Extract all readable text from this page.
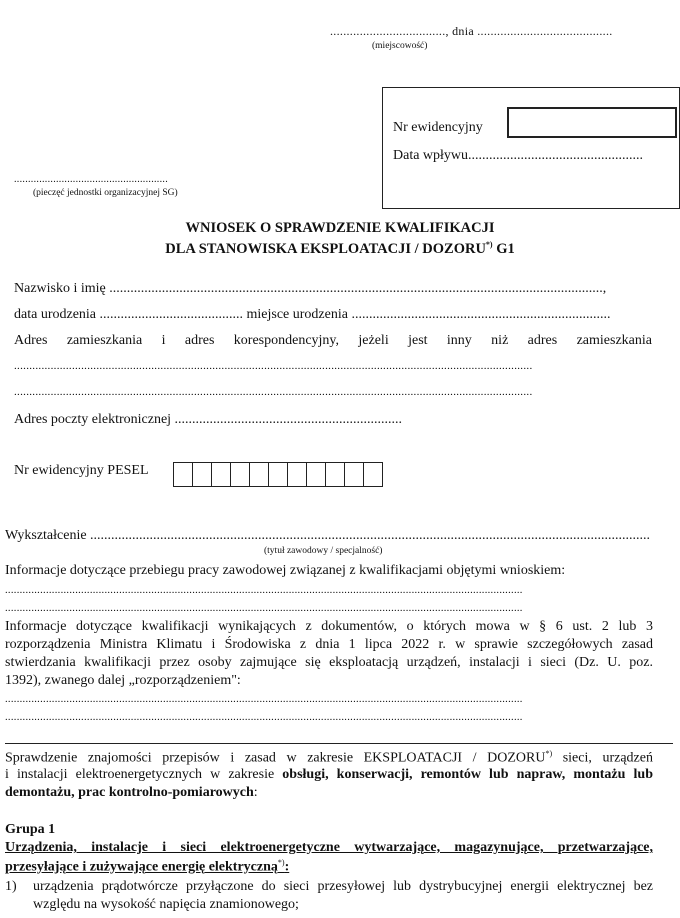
..................................., dnia .........................................
(miejscowość)
Nr ewidencyjny
Data wpływu..................................................
.......................................................
(pieczęć jednostki organizacyjnej SG)
WNIOSEK O SPRAWDZENIE KWALIFIKACJI
DLA STANOWISKA EKSPLOATACJI / DOZORU*) G1
Nazwisko i imię .............................................................................................................................................,
data urodzenia ......................................... miejsce urodzenia ..........................................................................
Adres zamieszkania i adres korespondencyjny, jeżeli jest inny niż adres zamieszkania
..........................................................................................................................................................................
..........................................................................................................................................................................
Adres poczty elektronicznej .................................................................
Nr ewidencyjny PESEL
Wykształcenie ................................................................................................................................................................
(tytuł zawodowy / specjalność)
Informacje dotyczące przebiegu pracy zawodowej związanej z kwalifikacjami objętymi wnioskiem:
.................................................................................................................................................................................
.................................................................................................................................................................................
Informacje dotyczące kwalifikacji wynikających z dokumentów, o których mowa w § 6 ust. 2 lub 3
rozporządzenia Ministra Klimatu i Środowiska z dnia 1 lipca 2022 r. w sprawie szczegółowych zasad
stwierdzania kwalifikacji przez osoby zajmujące się eksploatacją urządzeń, instalacji i sieci (Dz. U. poz.
1392), zwanego dalej „rozporządzeniem":
.................................................................................................................................................................................
.................................................................................................................................................................................
Sprawdzenie znajomości przepisów i zasad w zakresie EKSPLOATACJI / DOZORU*) sieci, urządzeń
i instalacji elektroenergetycznych w zakresie obsługi, konserwacji, remontów lub napraw, montażu lub
demontażu, prac kontrolno-pomiarowych:
Grupa 1
Urządzenia, instalacje i sieci elektroenergetyczne wytwarzające, magazynujące, przetwarzające,
przesyłające i zużywające energię elektryczną*):
1) urządzenia prądotwórcze przyłączone do sieci przesyłowej lub dystrybucyjnej energii elektrycznej bez
względu na wysokość napięcia znamionowego;
